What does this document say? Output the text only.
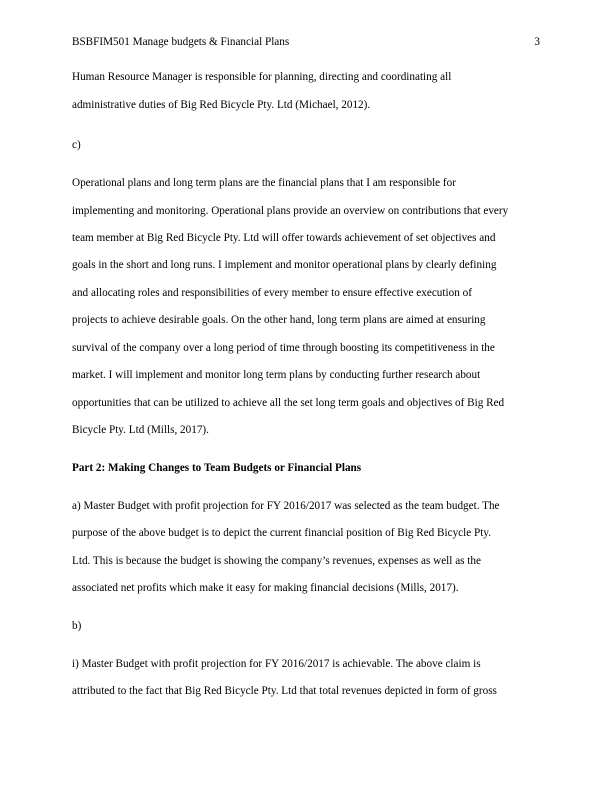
BSBFIM501 Manage budgets & Financial Plans	3
Human Resource Manager is responsible for planning, directing and coordinating all
administrative duties of Big Red Bicycle Pty. Ltd (Michael, 2012).
c)
Operational plans and long term plans are the financial plans that I am responsible for
implementing and monitoring. Operational plans provide an overview on contributions that every
team member at Big Red Bicycle Pty. Ltd will offer towards achievement of set objectives and
goals in the short and long runs. I implement and monitor operational plans by clearly defining
and allocating roles and responsibilities of every member to ensure effective execution of
projects to achieve desirable goals. On the other hand, long term plans are aimed at ensuring
survival of the company over a long period of time through boosting its competitiveness in the
market. I will implement and monitor long term plans by conducting further research about
opportunities that can be utilized to achieve all the set long term goals and objectives of Big Red
Bicycle Pty. Ltd (Mills, 2017).
Part 2: Making Changes to Team Budgets or Financial Plans
a) Master Budget with profit projection for FY 2016/2017 was selected as the team budget. The
purpose of the above budget is to depict the current financial position of Big Red Bicycle Pty.
Ltd. This is because the budget is showing the company’s revenues, expenses as well as the
associated net profits which make it easy for making financial decisions (Mills, 2017).
b)
i) Master Budget with profit projection for FY 2016/2017 is achievable. The above claim is
attributed to the fact that Big Red Bicycle Pty. Ltd that total revenues depicted in form of gross
